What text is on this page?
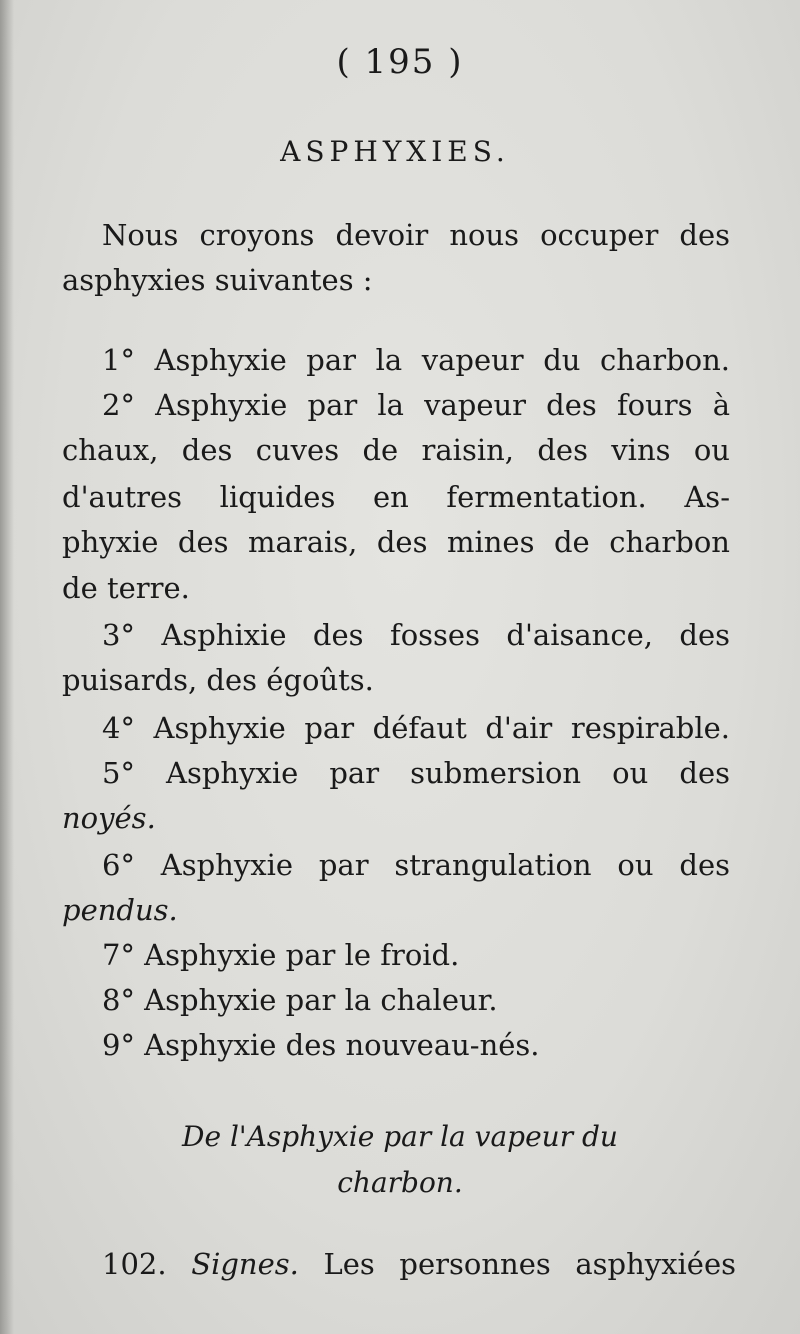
( 195 )
ASPHYXIES.
Nous croyons devoir nous occuper des
asphyxies suivantes :
1° Asphyxie par la vapeur du charbon.
2° Asphyxie par la vapeur des fours à
chaux, des cuves de raisin, des vins ou
d'autres liquides en fermentation. As-
phyxie des marais, des mines de charbon
de terre.
3° Asphixie des fosses d'aisance, des
puisards, des égoûts.
4° Asphyxie par défaut d'air respirable.
5° Asphyxie par submersion ou des
noyés.
6° Asphyxie par strangulation ou des
pendus.
7° Asphyxie par le froid.
8° Asphyxie par la chaleur.
9° Asphyxie des nouveau-nés.
De l'Asphyxie par la vapeur du
charbon.
102. Signes. Les personnes asphyxiées
